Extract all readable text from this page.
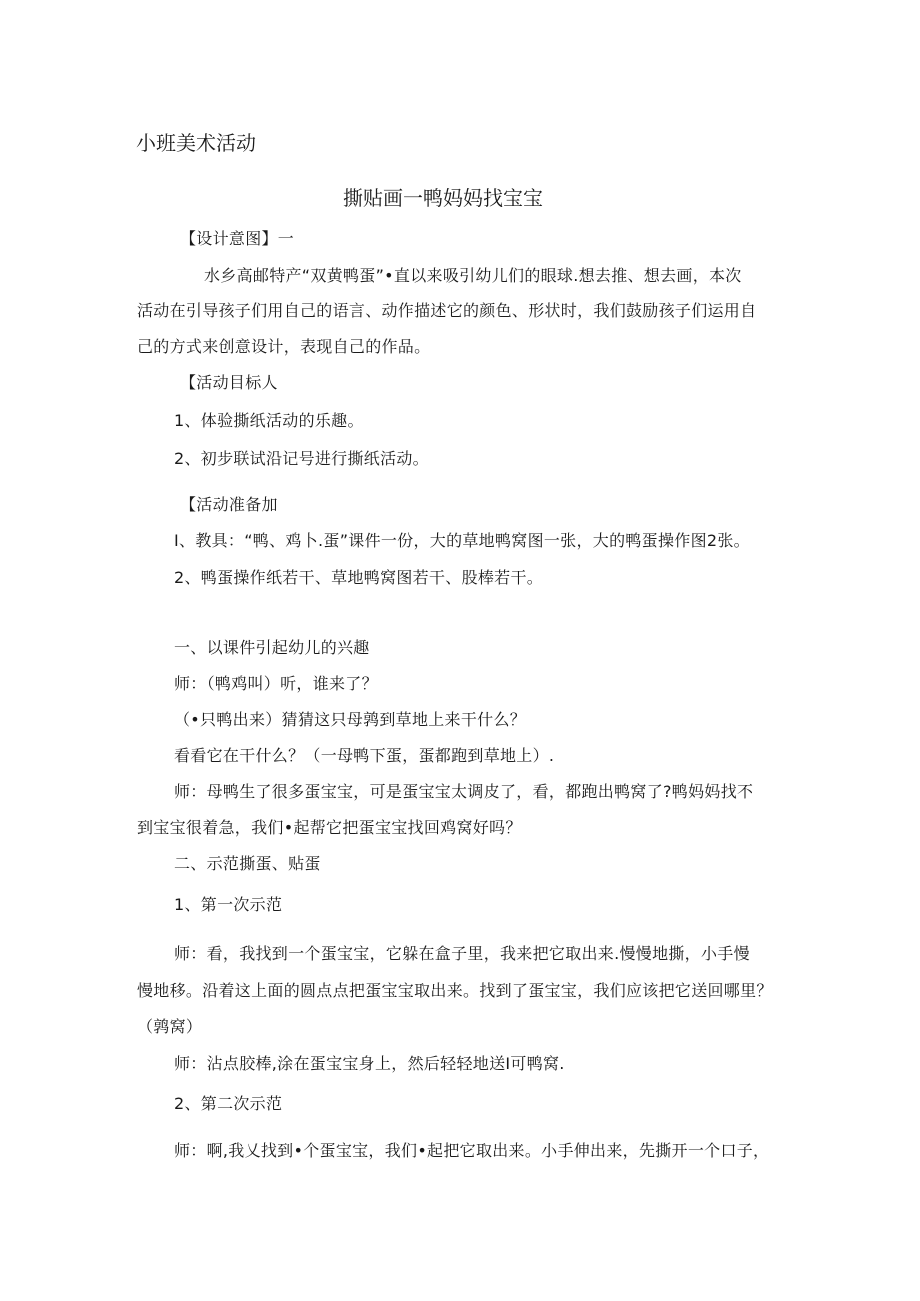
小班美术活动
撕贴画一鸭妈妈找宝宝
【设计意图】一
水乡高邮特产“双黄鸭蛋”•直以来吸引幼儿们的眼球.想去推、想去画，本次
活动在引导孩子们用自己的语言、动作描述它的颜色、形状时，我们鼓励孩子们运用自
己的方式来创意设计，表现自己的作品。
【活动目标人
1、体验撕纸活动的乐趣。
2、初步联试沿记号进行撕纸活动。
【活动准备加
I、教具：“鸭、鸡卜.蛋”课件一份，大的草地鸭窝图一张，大的鸭蛋操作图2张。
2、鸭蛋操作纸若干、草地鸭窝图若干、股棒若干。
一、以课件引起幼儿的兴趣
师：（鸭鸡叫）听，谁来了？
（•只鸭出来）猜猜这只母鹑到草地上来干什么？
看看它在干什么？（一母鸭下蛋，蛋都跑到草地上）.
师：母鸭生了很多蛋宝宝，可是蛋宝宝太调皮了，看，都跑出鸭窝了?鸭妈妈找不
到宝宝很着急，我们•起帮它把蛋宝宝找回鸡窝好吗？
二、示范撕蛋、贴蛋
1、第一次示范
师：看，我找到一个蛋宝宝，它躲在盒子里，我来把它取出来.慢慢地撕，小手慢
慢地移。沿着这上面的圆点点把蛋宝宝取出来。找到了蛋宝宝，我们应该把它送回哪里？
（鹑窝）
师：沾点胶棒,涂在蛋宝宝身上，然后轻轻地送I可鸭窝.
2、第二次示范
师：啊,我乂找到•个蛋宝宝，我们•起把它取出来。小手伸出来，先撕开一个口子，
